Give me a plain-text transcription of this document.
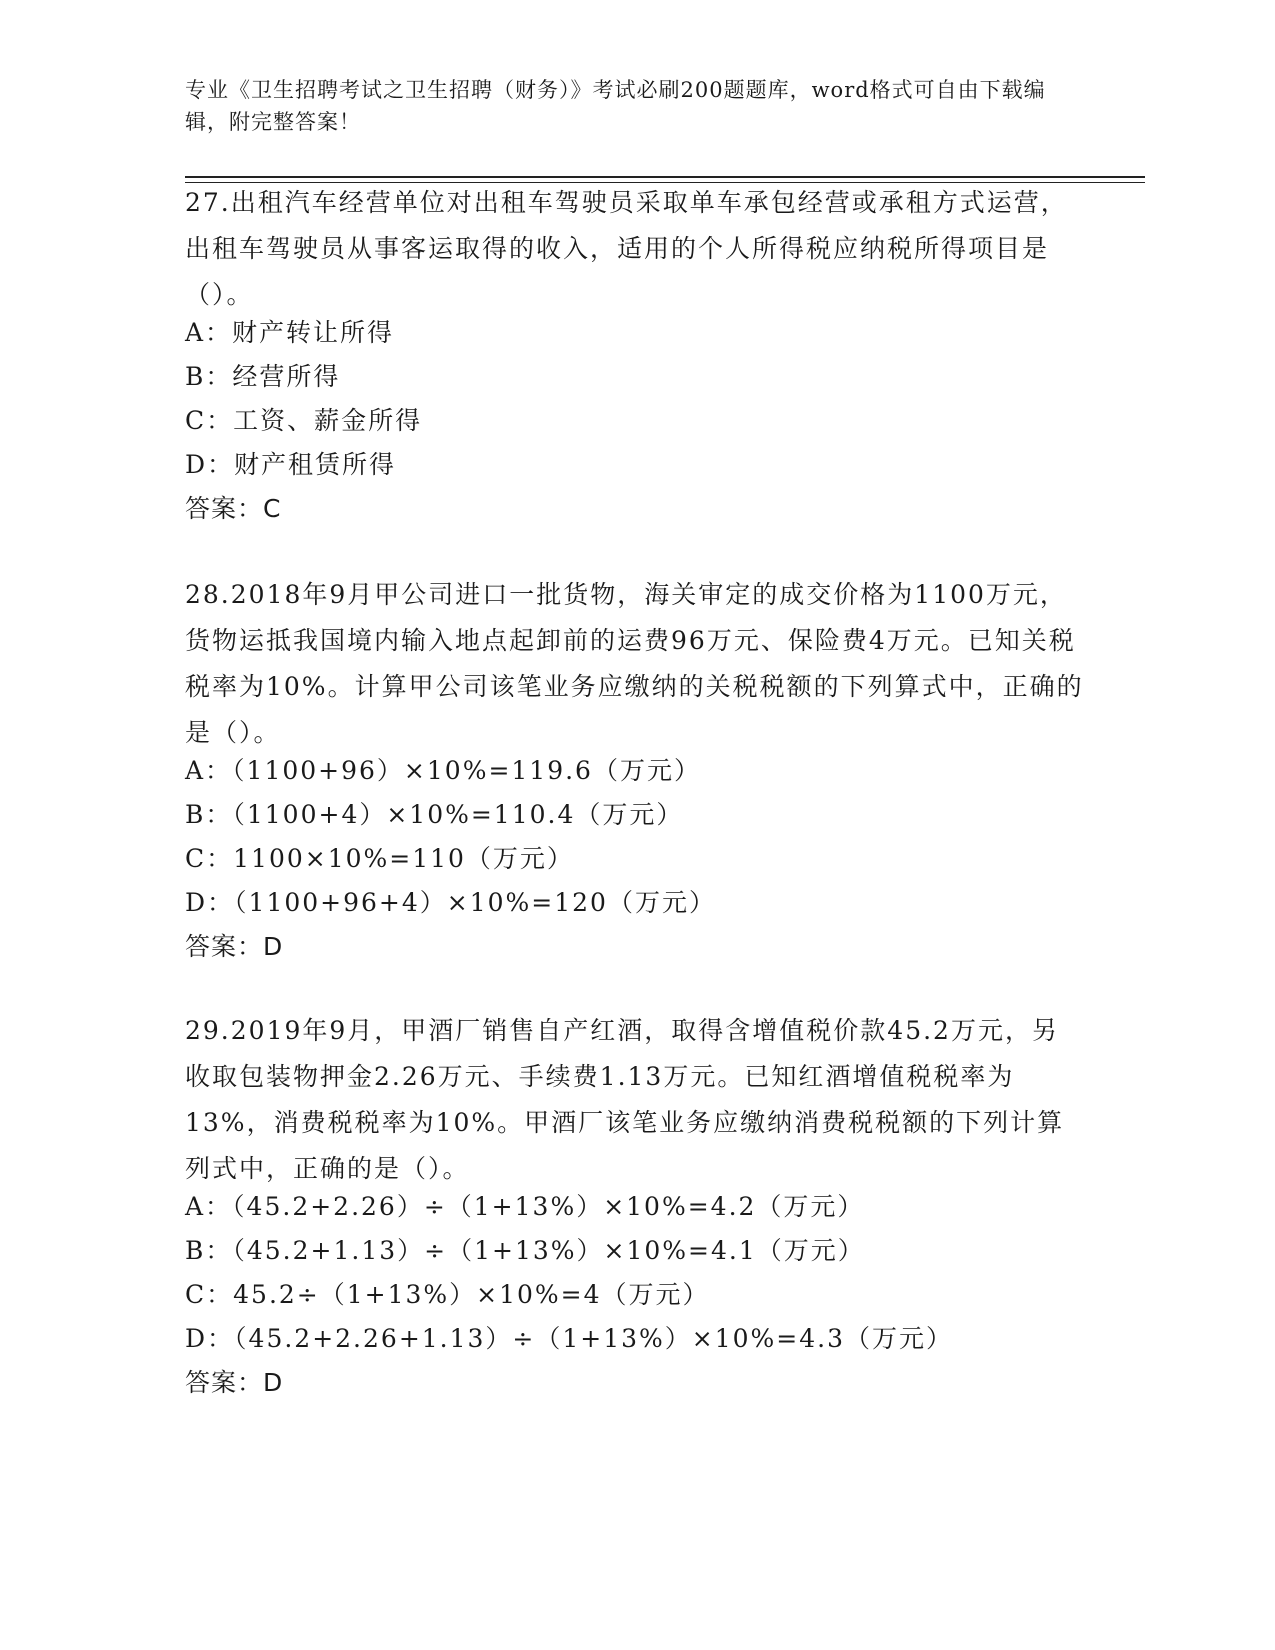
专业《卫生招聘考试之卫生招聘（财务）》考试必刷200题题库，word格式可自由下载编辑，附完整答案！
27.出租汽车经营单位对出租车驾驶员采取单车承包经营或承租方式运营，出租车驾驶员从事客运取得的收入，适用的个人所得税应纳税所得项目是（）。
A：财产转让所得
B：经营所得
C：工资、薪金所得
D：财产租赁所得
答案：C
28.2018年9月甲公司进口一批货物，海关审定的成交价格为1100万元，货物运抵我国境内输入地点起卸前的运费96万元、保险费4万元。已知关税税率为10%。计算甲公司该笔业务应缴纳的关税税额的下列算式中，正确的是（）。
A：（1100+96）×10%=119.6（万元）
B：（1100+4）×10%=110.4（万元）
C：1100×10%=110（万元）
D：（1100+96+4）×10%=120（万元）
答案：D
29.2019年9月，甲酒厂销售自产红酒，取得含增值税价款45.2万元，另收取包装物押金2.26万元、手续费1.13万元。已知红酒增值税税率为13%，消费税税率为10%。甲酒厂该笔业务应缴纳消费税税额的下列计算列式中，正确的是（）。
A：（45.2+2.26）÷（1+13%）×10%=4.2（万元）
B：（45.2+1.13）÷（1+13%）×10%=4.1（万元）
C：45.2÷（1+13%）×10%=4（万元）
D：（45.2+2.26+1.13）÷（1+13%）×10%=4.3（万元）
答案：D
